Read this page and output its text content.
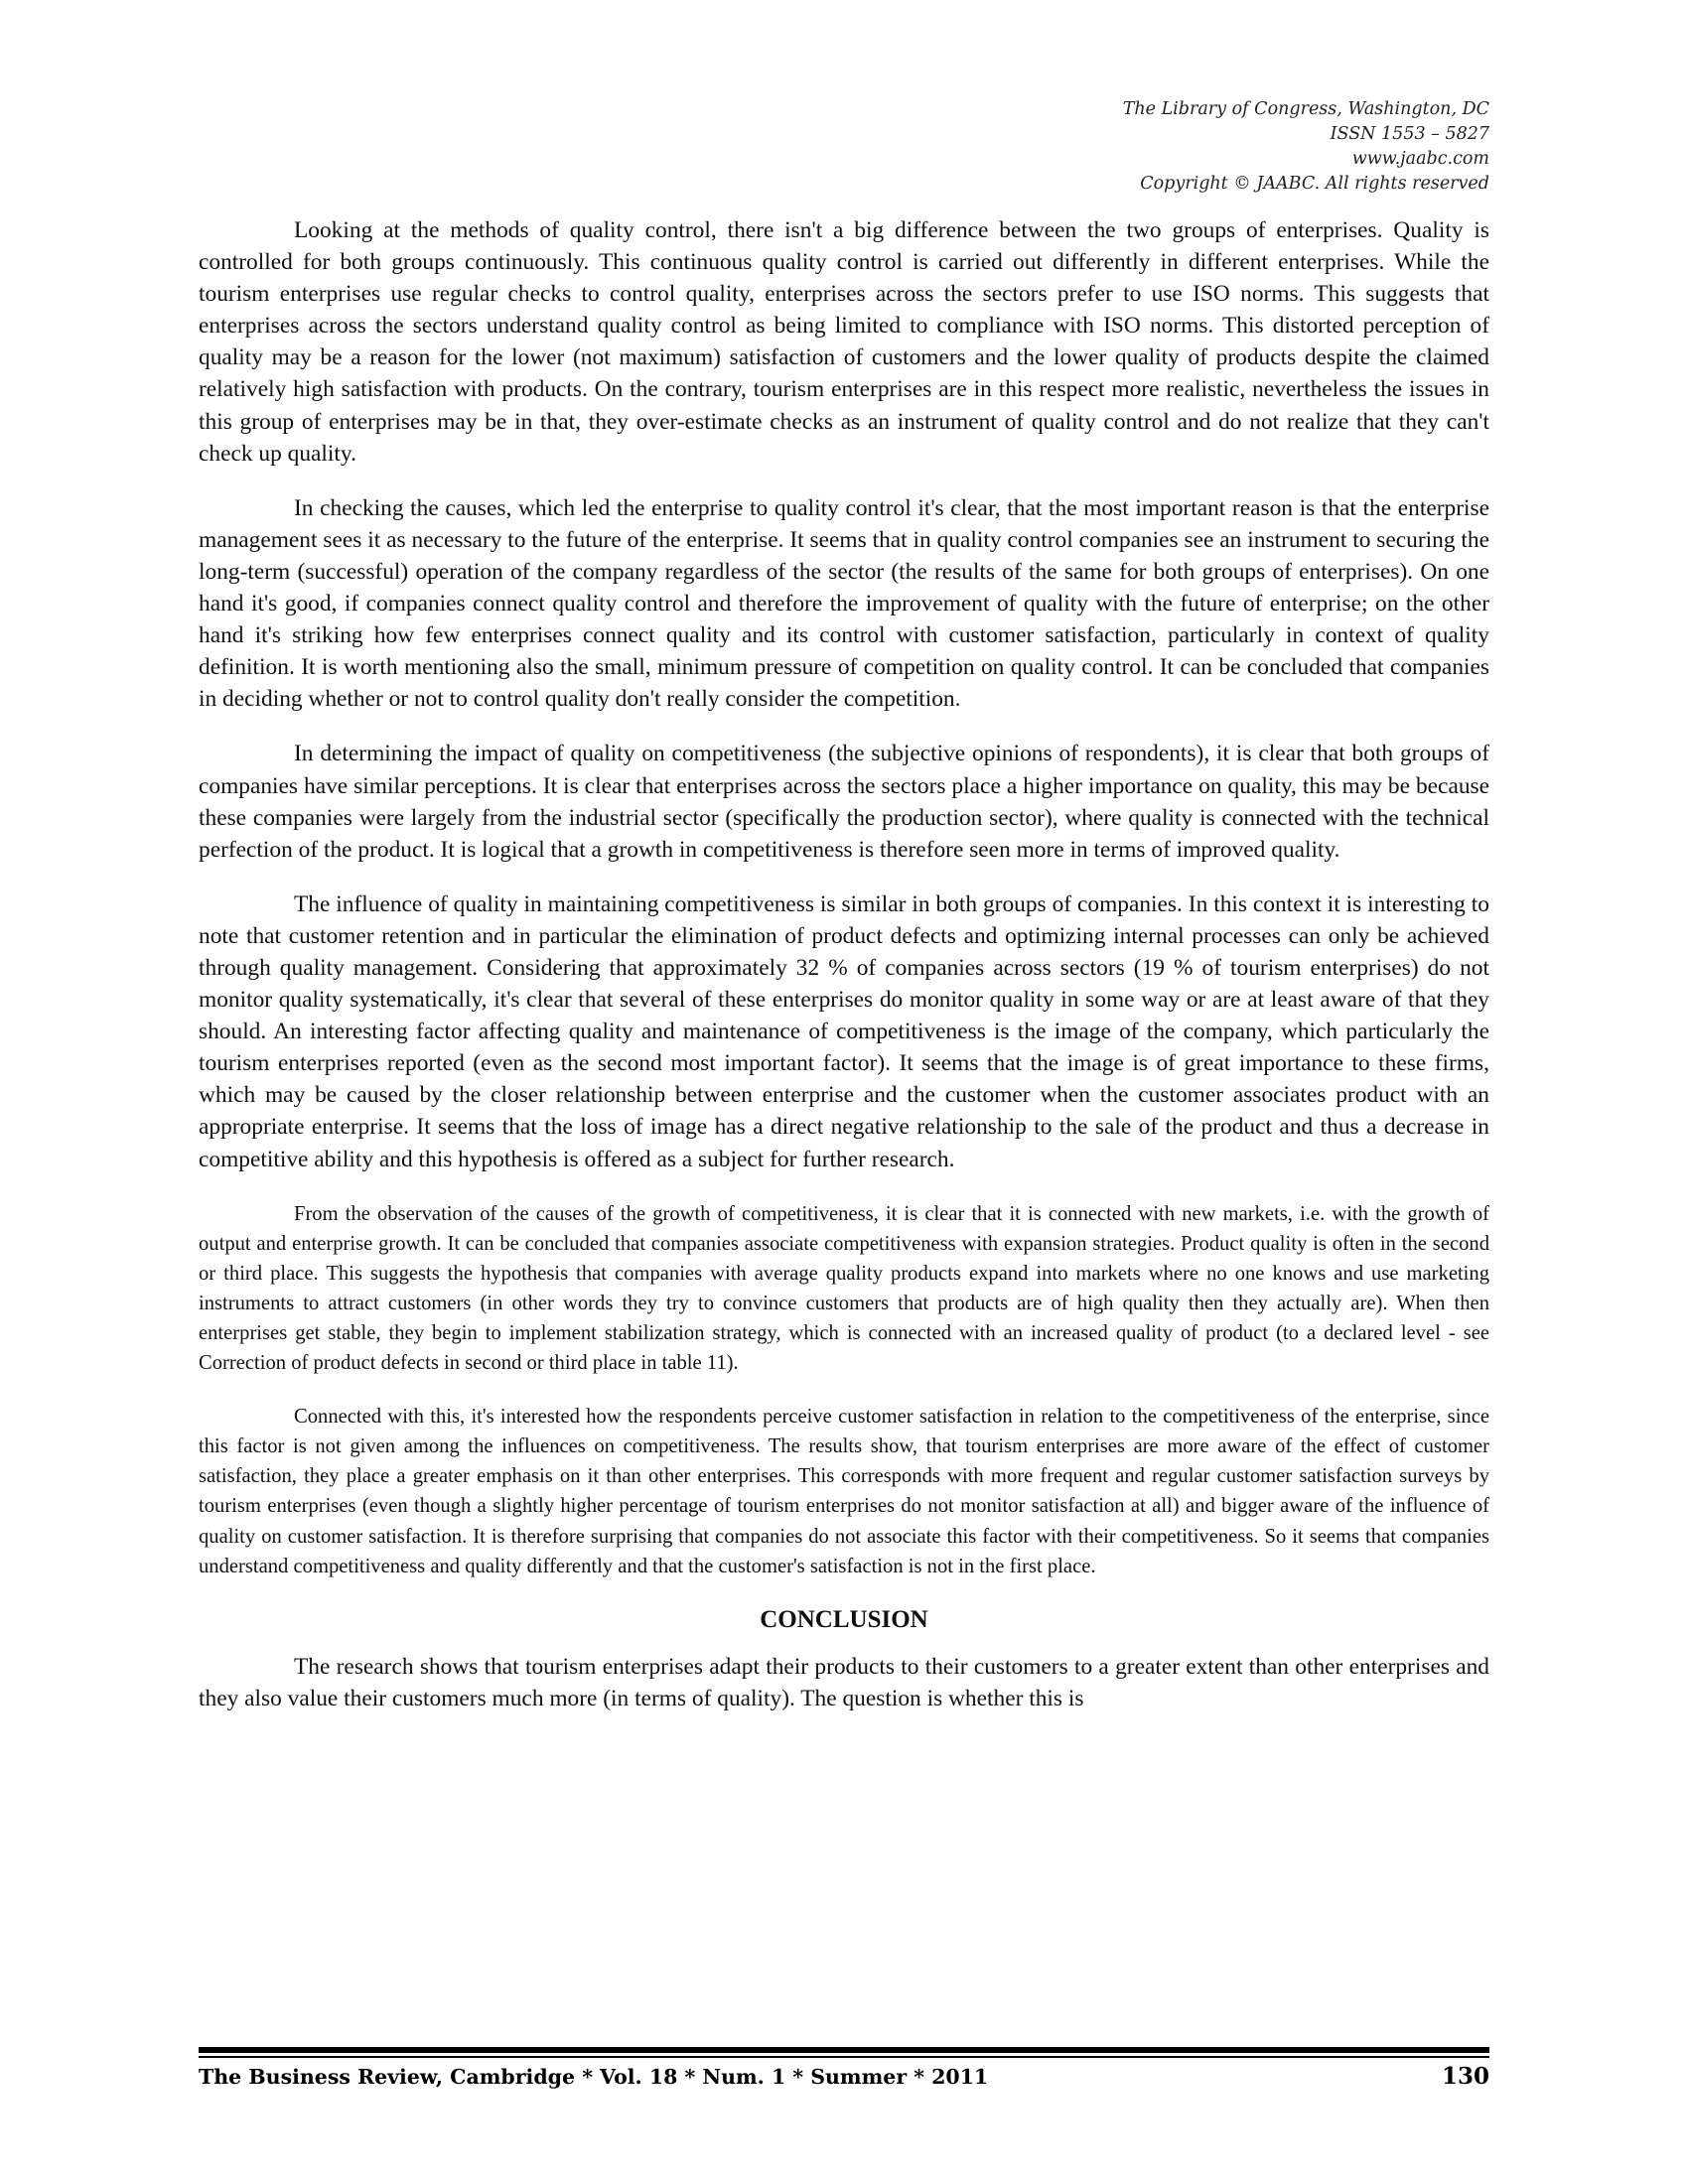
The Library of Congress, Washington, DC
ISSN 1553 – 5827
www.jaabc.com
Copyright © JAABC. All rights reserved

Looking at the methods of quality control, there isn't a big difference between the two groups of enterprises. Quality is controlled for both groups continuously. This continuous quality control is carried out differently in different enterprises. While the tourism enterprises use regular checks to control quality, enterprises across the sectors prefer to use ISO norms. This suggests that enterprises across the sectors understand quality control as being limited to compliance with ISO norms. This distorted perception of quality may be a reason for the lower (not maximum) satisfaction of customers and the lower quality of products despite the claimed relatively high satisfaction with products. On the contrary, tourism enterprises are in this respect more realistic, nevertheless the issues in this group of enterprises may be in that, they over-estimate checks as an instrument of quality control and do not realize that they can't check up quality.

In checking the causes, which led the enterprise to quality control it's clear, that the most important reason is that the enterprise management sees it as necessary to the future of the enterprise. It seems that in quality control companies see an instrument to securing the long-term (successful) operation of the company regardless of the sector (the results of the same for both groups of enterprises). On one hand it's good, if companies connect quality control and therefore the improvement of quality with the future of enterprise; on the other hand it's striking how few enterprises connect quality and its control with customer satisfaction, particularly in context of quality definition. It is worth mentioning also the small, minimum pressure of competition on quality control. It can be concluded that companies in deciding whether or not to control quality don't really consider the competition.

In determining the impact of quality on competitiveness (the subjective opinions of respondents), it is clear that both groups of companies have similar perceptions. It is clear that enterprises across the sectors place a higher importance on quality, this may be because these companies were largely from the industrial sector (specifically the production sector), where quality is connected with the technical perfection of the product. It is logical that a growth in competitiveness is therefore seen more in terms of improved quality.

The influence of quality in maintaining competitiveness is similar in both groups of companies. In this context it is interesting to note that customer retention and in particular the elimination of product defects and optimizing internal processes can only be achieved through quality management. Considering that approximately 32 % of companies across sectors (19 % of tourism enterprises) do not monitor quality systematically, it's clear that several of these enterprises do monitor quality in some way or are at least aware of that they should. An interesting factor affecting quality and maintenance of competitiveness is the image of the company, which particularly the tourism enterprises reported (even as the second most important factor). It seems that the image is of great importance to these firms, which may be caused by the closer relationship between enterprise and the customer when the customer associates product with an appropriate enterprise. It seems that the loss of image has a direct negative relationship to the sale of the product and thus a decrease in competitive ability and this hypothesis is offered as a subject for further research.

From the observation of the causes of the growth of competitiveness, it is clear that it is connected with new markets, i.e. with the growth of output and enterprise growth. It can be concluded that companies associate competitiveness with expansion strategies. Product quality is often in the second or third place. This suggests the hypothesis that companies with average quality products expand into markets where no one knows and use marketing instruments to attract customers (in other words they try to convince customers that products are of high quality then they actually are). When then enterprises get stable, they begin to implement stabilization strategy, which is connected with an increased quality of product (to a declared level - see Correction of product defects in second or third place in table 11).

Connected with this, it's interested how the respondents perceive customer satisfaction in relation to the competitiveness of the enterprise, since this factor is not given among the influences on competitiveness. The results show, that tourism enterprises are more aware of the effect of customer satisfaction, they place a greater emphasis on it than other enterprises. This corresponds with more frequent and regular customer satisfaction surveys by tourism enterprises (even though a slightly higher percentage of tourism enterprises do not monitor satisfaction at all) and bigger aware of the influence of quality on customer satisfaction. It is therefore surprising that companies do not associate this factor with their competitiveness. So it seems that companies understand competitiveness and quality differently and that the customer's satisfaction is not in the first place.

CONCLUSION

The research shows that tourism enterprises adapt their products to their customers to a greater extent than other enterprises and they also value their customers much more (in terms of quality). The question is whether this is

The Business Review, Cambridge * Vol. 18 * Num. 1 * Summer * 2011	130
